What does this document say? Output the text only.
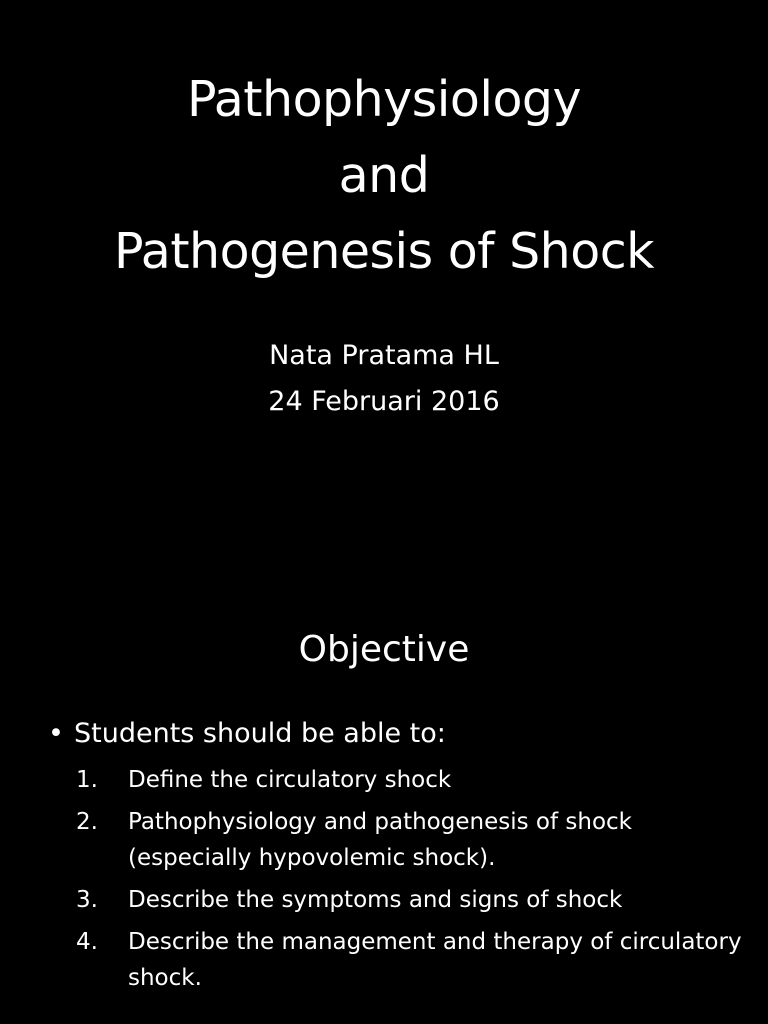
Pathophysiology
and
Pathogenesis of Shock
Nata Pratama HL
24 Februari 2016
Objective
• Students should be able to:
1. Define the circulatory shock
2. Pathophysiology and pathogenesis of shock (especially hypovolemic shock).
3. Describe the symptoms and signs of shock
4. Describe the management and therapy of circulatory shock.
